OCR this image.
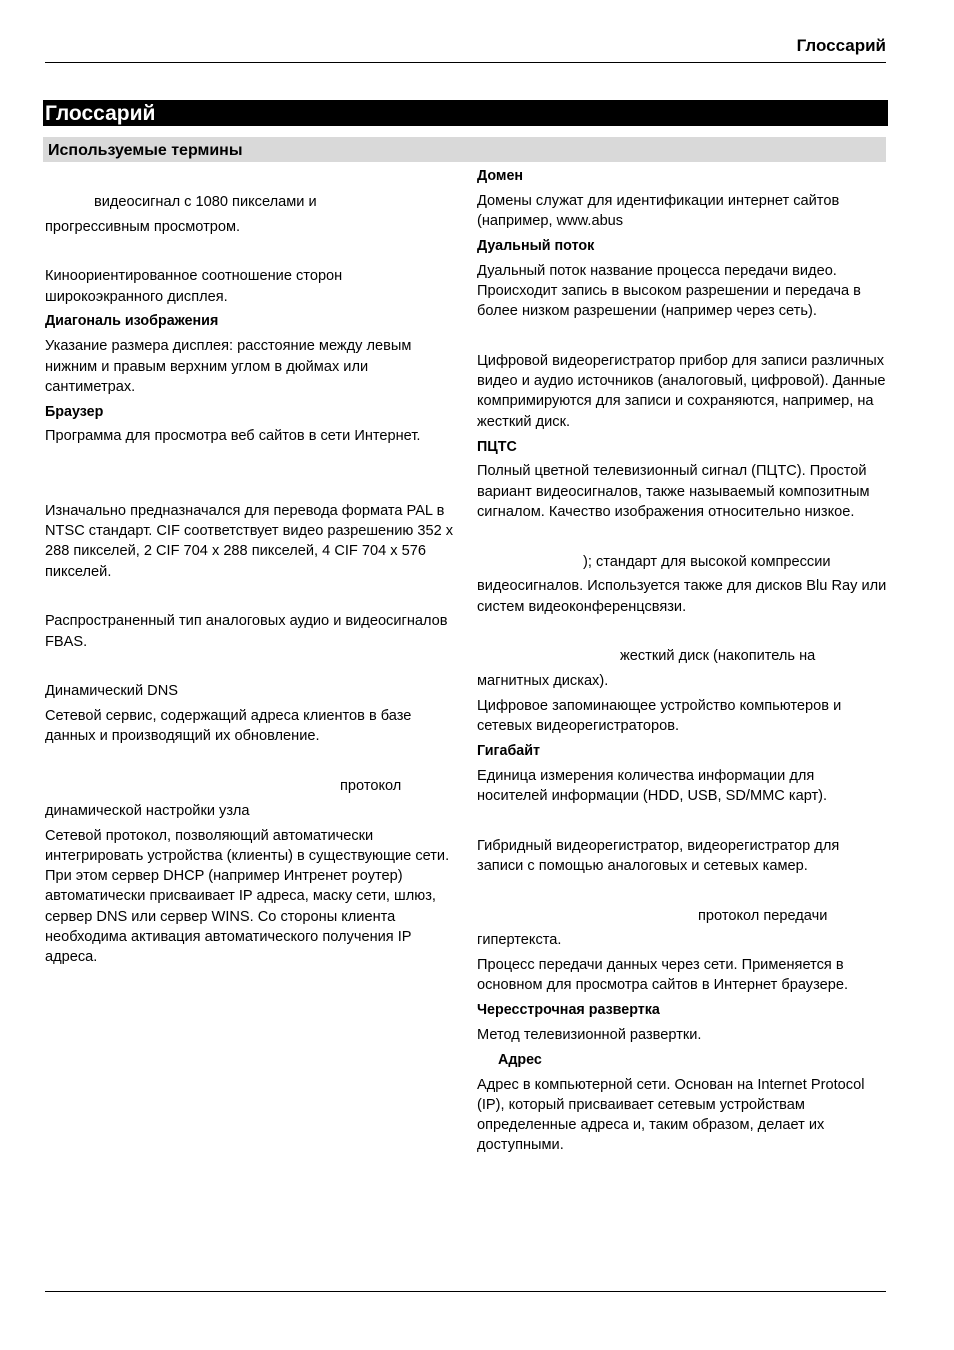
Глоссарий
Глоссарий
Используемые термины

видеосигнал с 1080 пикселами и

прогрессивным просмотром.

Киноориентированное соотношение сторон широкоэкранного дисплея.

Диагональ изображения

Указание размера дисплея: расстояние между левым нижним и правым верхним углом в дюймах или сантиметрах.

Браузер

Программа для просмотра веб сайтов в сети Интернет.

Изначально предназначался для перевода формата PAL в NTSC стандарт. CIF соответствует видео разрешению 352 x 288 пикселей, 2 CIF 704 x 288 пикселей, 4 CIF 704 x 576 пикселей.

Распространенный тип аналоговых аудио и видеосигналов FBAS.

Динамический DNS

Сетевой сервис, содержащий адреса клиентов в базе данных и производящий их обновление.

протокол

динамической настройки узла

Сетевой протокол, позволяющий автоматически интегрировать устройства (клиенты) в существующие сети. При этом сервер DHCP (например Интренет роутер) автоматически присваивает IP адреса, маску сети, шлюз, сервер DNS или сервер WINS. Со стороны клиента необходима активация автоматического получения IP адреса.

Домен

Домены служат для идентификации интернет сайтов (например, www.abus

Дуальный поток

Дуальный поток название процесса передачи видео. Происходит запись в высоком разрешении и передача в более низком разрешении (например через сеть).

Цифровой видеорегистратор прибор для записи различных видео и аудио источников (аналоговый, цифровой). Данные компримируются для записи и сохраняются, например, на жесткий диск.

ПЦТС

Полный цветной телевизионный сигнал (ПЦТС). Простой вариант видеосигналов, также называемый композитным сигналом. Качество изображения относительно низкое.

); стандарт для высокой компрессии

видеосигналов. Используется также для дисков Blu Ray или систем видеоконференцсвязи.

жесткий диск (накопитель на

магнитных дисках).

Цифровое запоминающее устройство компьютеров и сетевых видеорегистраторов.

Гигабайт

Единица измерения количества информации для носителей информации (HDD, USB, SD/MMC карт).

Гибридный видеорегистратор, видеорегистратор для записи с помощью аналоговых и сетевых камер.

протокол передачи

гипертекста.

Процесс передачи данных через сети. Применяется в основном для просмотра сайтов в Интернет браузере.

Чересстрочная развертка

Метод телевизионной развертки.

Адрес

Адрес в компьютерной сети. Основан на Internet Protocol (IP), который присваивает сетевым устройствам определенные адреса и, таким образом, делает их доступными.
